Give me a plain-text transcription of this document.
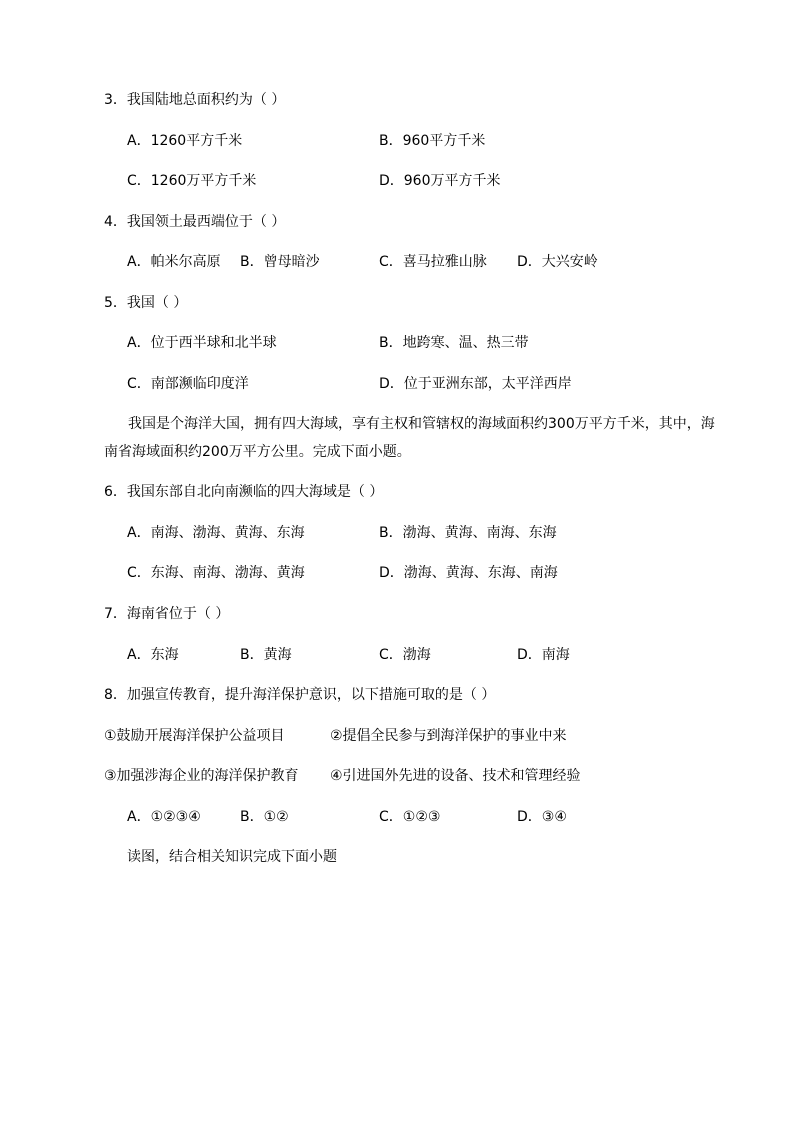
3．我国陆地总面积约为（ ）
A．1260平方千米	B．960平方千米
C．1260万平方千米	D．960万平方千米
4．我国领土最西端位于（ ）
A．帕米尔高原 B．曾母暗沙	C．喜马拉雅山脉 D．大兴安岭
5．我国（ ）
A．位于西半球和北半球	B．地跨寒、温、热三带
C．南部濒临印度洋	D．位于亚洲东部，太平洋西岸
我国是个海洋大国，拥有四大海域，享有主权和管辖权的海域面积约300万平方千米，其中，海南省海域面积约200万平方公里。完成下面小题。
6．我国东部自北向南濒临的四大海域是（ ）
A．南海、渤海、黄海、东海	B．渤海、黄海、南海、东海
C．东海、南海、渤海、黄海	D．渤海、黄海、东海、南海
7．海南省位于（ ）
A．东海	B．黄海	C．渤海	D．南海
8．加强宣传教育，提升海洋保护意识，以下措施可取的是（ ）
①鼓励开展海洋保护公益项目	②提倡全民参与到海洋保护的事业中来
③加强涉海企业的海洋保护教育 ④引进国外先进的设备、技术和管理经验
A．①②③④	B．①②	C．①②③	D．③④
读图，结合相关知识完成下面小题
